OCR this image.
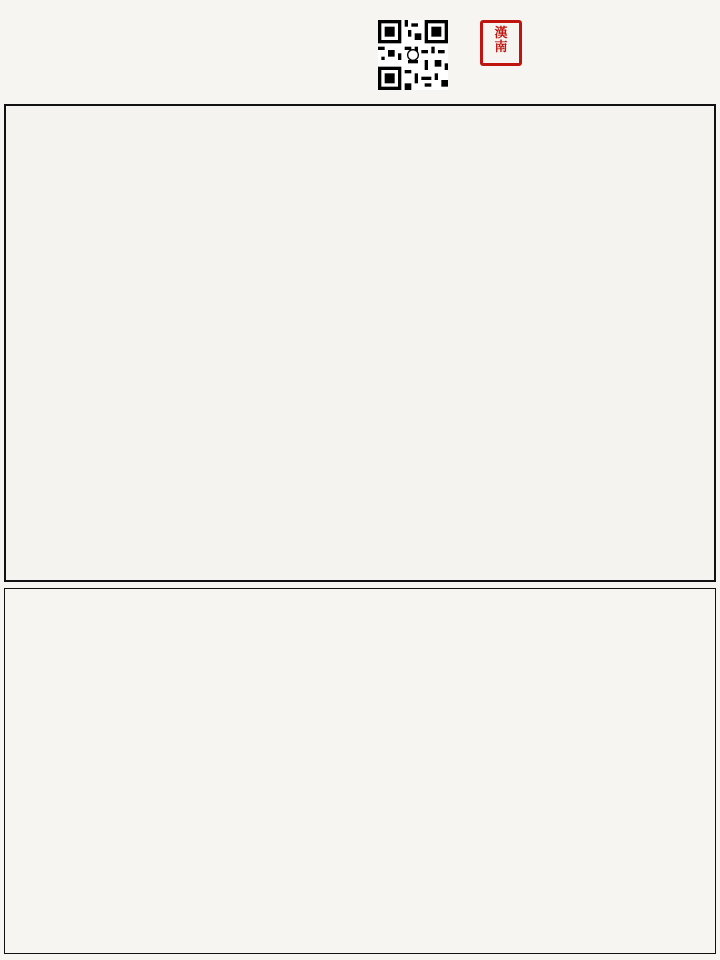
漢
南
